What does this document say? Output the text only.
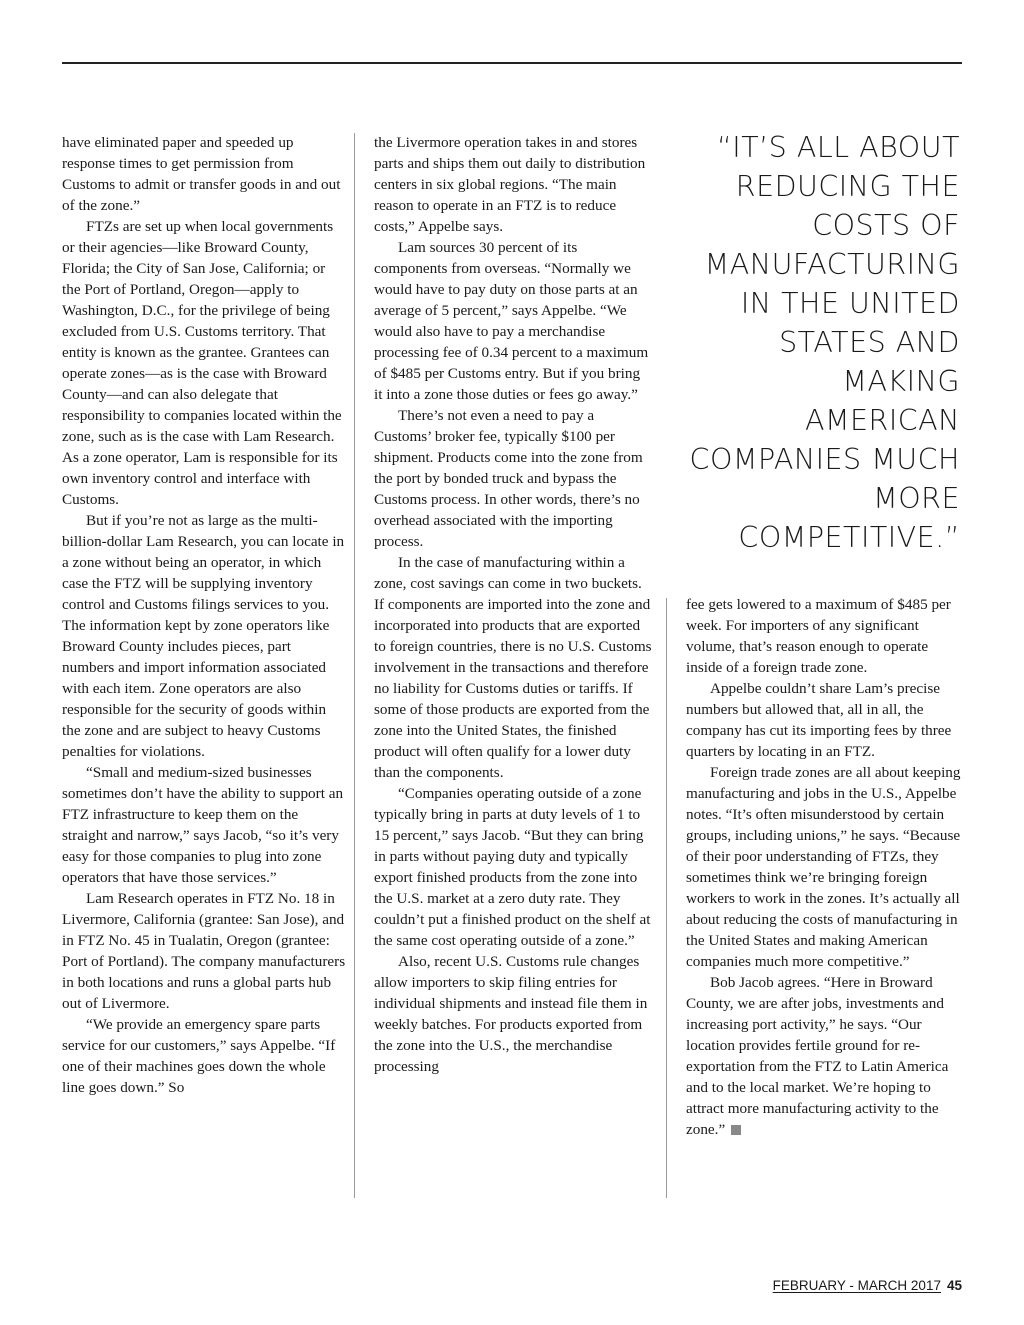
have eliminated paper and speeded up response times to get permission from Customs to admit or transfer goods in and out of the zone.”

FTZs are set up when local governments or their agencies—like Broward County, Florida; the City of San Jose, California; or the Port of Portland, Oregon—apply to Washington, D.C., for the privilege of being excluded from U.S. Customs territory. That entity is known as the grantee. Grantees can operate zones—as is the case with Broward County—and can also delegate that responsibility to companies located within the zone, such as is the case with Lam Research. As a zone operator, Lam is responsible for its own inventory control and interface with Customs.

But if you’re not as large as the multi-billion-dollar Lam Research, you can locate in a zone without being an operator, in which case the FTZ will be supplying inventory control and Customs filings services to you. The information kept by zone operators like Broward County includes pieces, part numbers and import information associated with each item. Zone operators are also responsible for the security of goods within the zone and are subject to heavy Customs penalties for violations.

“Small and medium-sized businesses sometimes don’t have the ability to support an FTZ infrastructure to keep them on the straight and narrow,” says Jacob, “so it’s very easy for those companies to plug into zone operators that have those services.”

Lam Research operates in FTZ No. 18 in Livermore, California (grantee: San Jose), and in FTZ No. 45 in Tualatin, Oregon (grantee: Port of Portland). The company manufacturers in both locations and runs a global parts hub out of Livermore.

“We provide an emergency spare parts service for our customers,” says Appelbe. “If one of their machines goes down the whole line goes down.” So

the Livermore operation takes in and stores parts and ships them out daily to distribution centers in six global regions. “The main reason to operate in an FTZ is to reduce costs,” Appelbe says.

Lam sources 30 percent of its components from overseas. “Normally we would have to pay duty on those parts at an average of 5 percent,” says Appelbe. “We would also have to pay a merchandise processing fee of 0.34 percent to a maximum of $485 per Customs entry. But if you bring it into a zone those duties or fees go away.”

There’s not even a need to pay a Customs’ broker fee, typically $100 per shipment. Products come into the zone from the port by bonded truck and bypass the Customs process. In other words, there’s no overhead associated with the importing process.

In the case of manufacturing within a zone, cost savings can come in two buckets. If components are imported into the zone and incorporated into products that are exported to foreign countries, there is no U.S. Customs involvement in the transactions and therefore no liability for Customs duties or tariffs. If some of those products are exported from the zone into the United States, the finished product will often qualify for a lower duty than the components.

“Companies operating outside of a zone typically bring in parts at duty levels of 1 to 15 percent,” says Jacob. “But they can bring in parts without paying duty and typically export finished products from the zone into the U.S. market at a zero duty rate. They couldn’t put a finished product on the shelf at the same cost operating outside of a zone.”

Also, recent U.S. Customs rule changes allow importers to skip filing entries for individual shipments and instead file them in weekly batches. For products exported from the zone into the U.S., the merchandise processing

“IT’S ALL ABOUT
REDUCING THE
COSTS OF
MANUFACTURING
IN THE UNITED
STATES AND
MAKING
AMERICAN
COMPANIES MUCH
MORE
COMPETITIVE.”

fee gets lowered to a maximum of $485 per week. For importers of any significant volume, that’s reason enough to operate inside of a foreign trade zone.

Appelbe couldn’t share Lam’s precise numbers but allowed that, all in all, the company has cut its importing fees by three quarters by locating in an FTZ.

Foreign trade zones are all about keeping manufacturing and jobs in the U.S., Appelbe notes. “It’s often misunderstood by certain groups, including unions,” he says. “Because of their poor understanding of FTZs, they sometimes think we’re bringing foreign workers to work in the zones. It’s actually all about reducing the costs of manufacturing in the United States and making American companies much more competitive.”

Bob Jacob agrees. “Here in Broward County, we are after jobs, investments and increasing port activity,” he says. “Our location provides fertile ground for re-exportation from the FTZ to Latin America and to the local market. We’re hoping to attract more manufacturing activity to the zone.”

FEBRUARY - MARCH 2017 45
